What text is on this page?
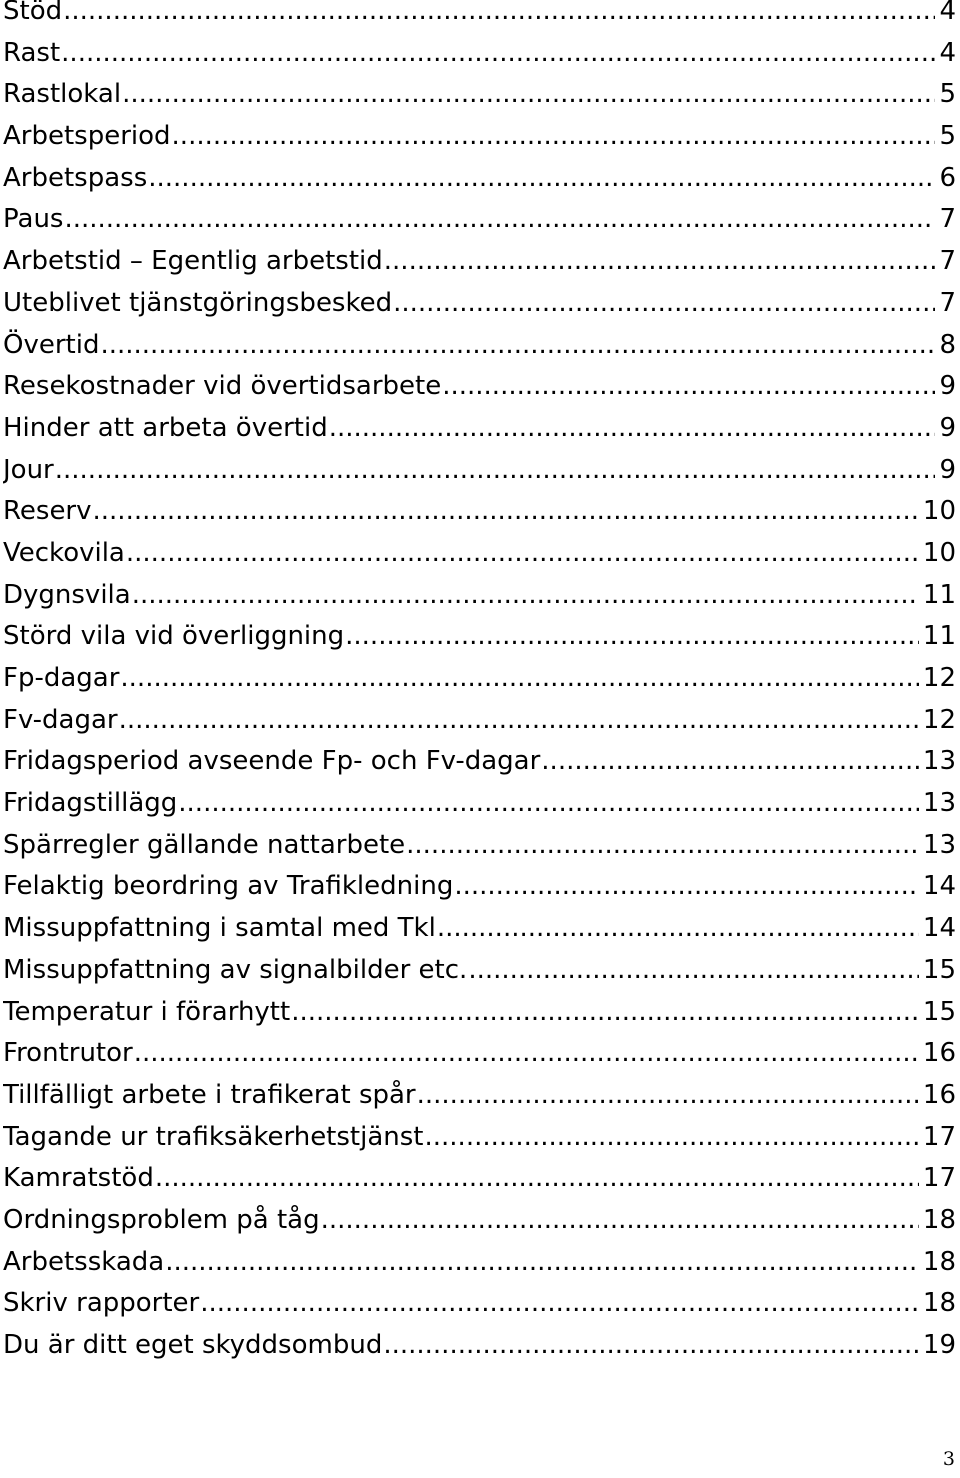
Stöd .....	4
Rast .....	4
Rastlokal .....	5
Arbetsperiod .....	5
Arbetspass .....	6
Paus .....	7
Arbetstid – Egentlig arbetstid .....	7
Uteblivet tjänstgöringsbesked .....	7
Övertid .....	8
Resekostnader vid övertidsarbete .....	9
Hinder att arbeta övertid .....	9
Jour .....	9
Reserv .....	10
Veckovila .....	10
Dygnsvila .....	11
Störd vila vid överliggning .....	11
Fp-dagar .....	12
Fv-dagar .....	12
Fridagsperiod avseende Fp- och Fv-dagar .....	13
Fridagstillägg .....	13
Spärregler gällande nattarbete .....	13
Felaktig beordring av Trafikledning .....	14
Missuppfattning i samtal med Tkl .....	14
Missuppfattning av signalbilder etc. .....	15
Temperatur i förarhytt .....	15
Frontrutor .....	16
Tillfälligt arbete i trafikerat spår .....	16
Tagande ur trafiksäkerhetstjänst .....	17
Kamratstöd .....	17
Ordningsproblem på tåg .....	18
Arbetsskada .....	18
Skriv rapporter .....	18
Du är ditt eget skyddsombud .....	19
3
